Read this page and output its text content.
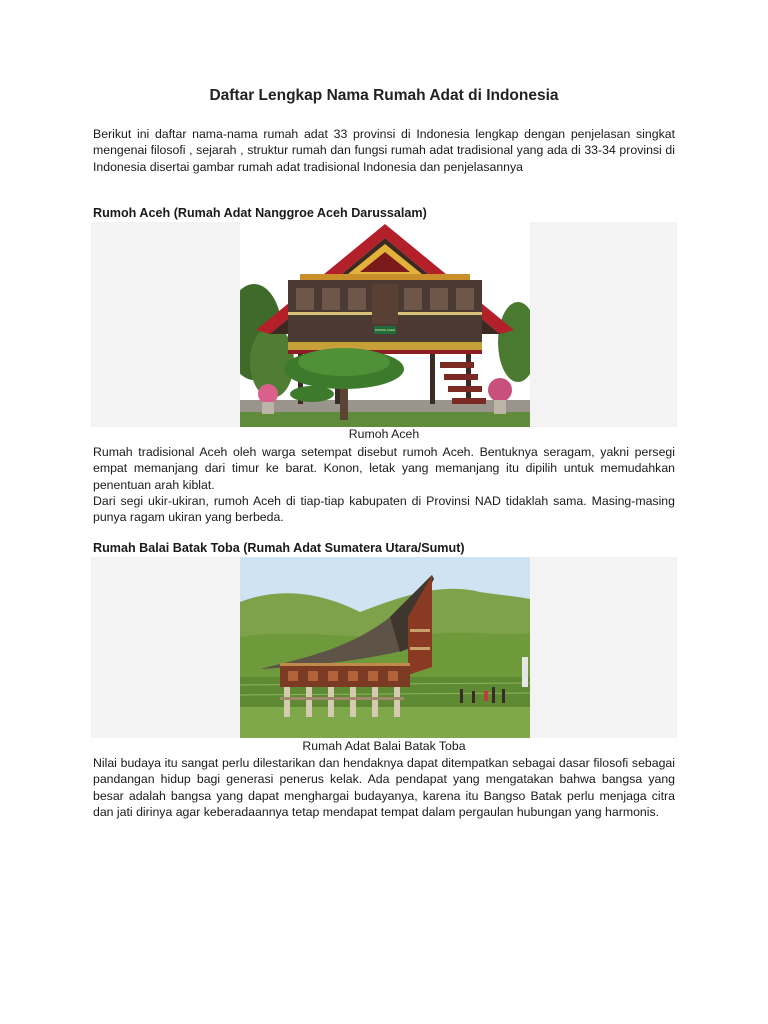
Daftar Lengkap Nama Rumah Adat di Indonesia
Berikut ini daftar nama-nama rumah adat 33 provinsi di Indonesia lengkap dengan penjelasan singkat mengenai filosofi , sejarah , struktur rumah dan fungsi rumah adat tradisional yang ada di 33-34 provinsi di Indonesia disertai gambar rumah adat tradisional Indonesia dan penjelasannya
Rumoh Aceh (Rumah Adat Nanggroe Aceh Darussalam)
RUMOH ACEH
Rumoh Aceh
Rumah tradisional Aceh oleh warga setempat disebut rumoh Aceh. Bentuknya seragam, yakni persegi empat memanjang dari timur ke barat. Konon, letak yang memanjang itu dipilih untuk memudahkan penentuan arah kiblat.
Dari segi ukir-ukiran, rumoh Aceh di tiap-tiap kabupaten di Provinsi NAD tidaklah sama. Masing-masing punya ragam ukiran yang berbeda.
Rumah Balai Batak Toba (Rumah Adat Sumatera Utara/Sumut)
Rumah Adat Balai Batak Toba
Nilai budaya itu sangat perlu dilestarikan dan hendaknya dapat ditempatkan sebagai dasar filosofi sebagai pandangan hidup bagi generasi penerus kelak. Ada pendapat yang mengatakan bahwa bangsa yang besar adalah bangsa yang dapat menghargai budayanya, karena itu Bangso Batak perlu menjaga citra dan jati dirinya agar keberadaannya tetap mendapat tempat dalam pergaulan hubungan yang harmonis.
